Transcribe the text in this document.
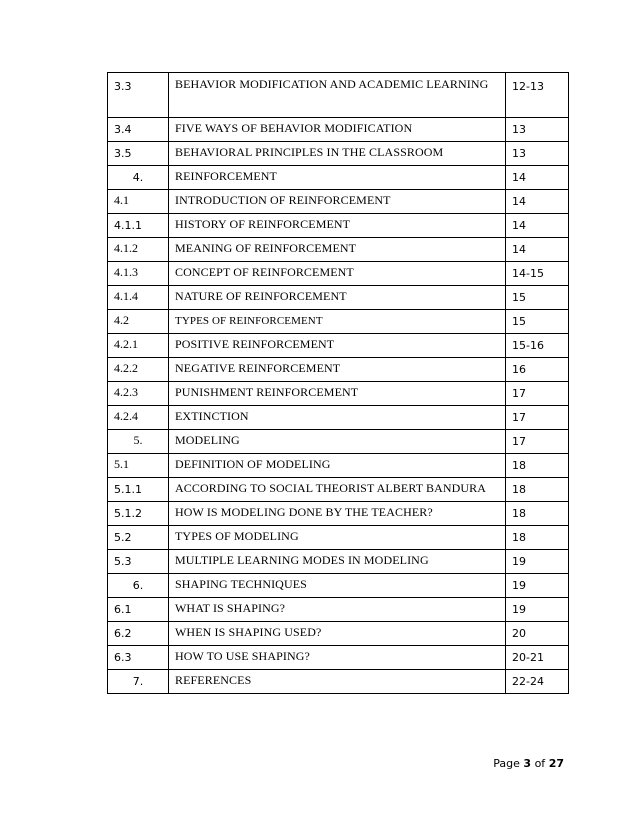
3.3	BEHAVIOR MODIFICATION AND ACADEMIC LEARNING	12-13
3.4	FIVE WAYS OF BEHAVIOR MODIFICATION	13
3.5	BEHAVIORAL PRINCIPLES IN THE CLASSROOM	13
4.	REINFORCEMENT	14
4.1	INTRODUCTION OF REINFORCEMENT	14
4.1.1	HISTORY OF REINFORCEMENT	14
4.1.2	MEANING OF REINFORCEMENT	14
4.1.3	CONCEPT OF REINFORCEMENT	14-15
4.1.4	NATURE OF REINFORCEMENT	15
4.2	TYPES OF REINFORCEMENT	15
4.2.1	POSITIVE REINFORCEMENT	15-16
4.2.2	NEGATIVE REINFORCEMENT	16
4.2.3	PUNISHMENT REINFORCEMENT	17
4.2.4	EXTINCTION	17
5.	MODELING	17
5.1	DEFINITION OF MODELING	18
5.1.1	ACCORDING TO SOCIAL THEORIST ALBERT BANDURA	18
5.1.2	HOW IS MODELING DONE BY THE TEACHER?	18
5.2	TYPES OF MODELING	18
5.3	MULTIPLE LEARNING MODES IN MODELING	19
6.	SHAPING TECHNIQUES	19
6.1	WHAT IS SHAPING?	19
6.2	WHEN IS SHAPING USED?	20
6.3	HOW TO USE SHAPING?	20-21
7.	REFERENCES	22-24
Page 3 of 27
